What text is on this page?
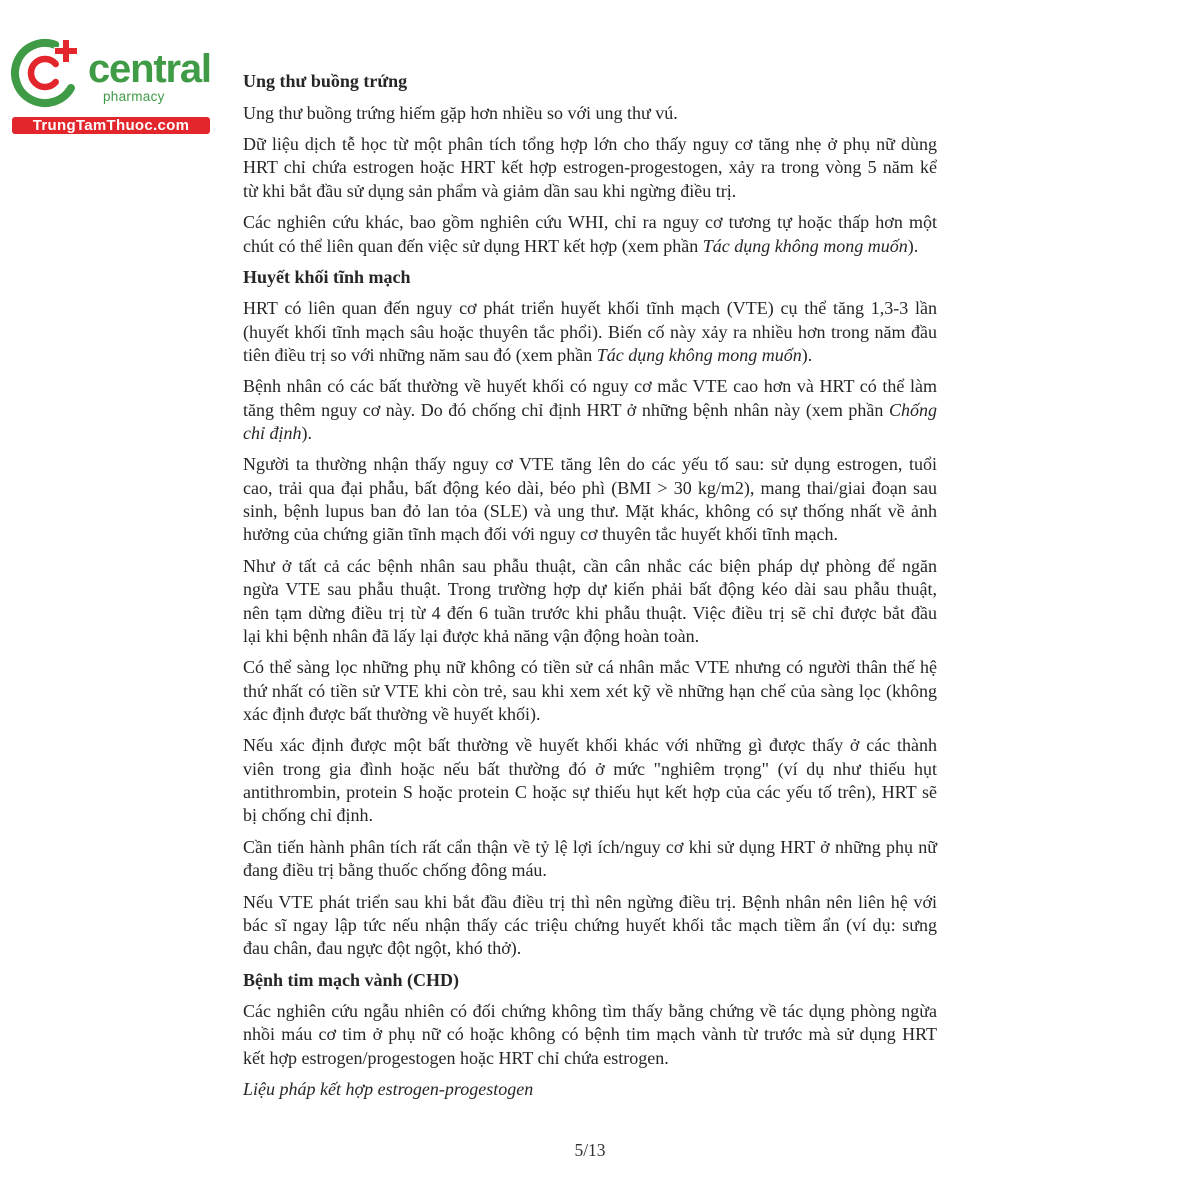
central
pharmacy
TrungTamThuoc.com
Ung thư buồng trứng
Ung thư buồng trứng hiếm gặp hơn nhiều so với ung thư vú.
Dữ liệu dịch tễ học từ một phân tích tổng hợp lớn cho thấy nguy cơ tăng nhẹ ở phụ nữ dùng
HRT chỉ chứa estrogen hoặc HRT kết hợp estrogen-progestogen, xảy ra trong vòng 5 năm kể
từ khi bắt đầu sử dụng sản phẩm và giảm dần sau khi ngừng điều trị.
Các nghiên cứu khác, bao gồm nghiên cứu WHI, chỉ ra nguy cơ tương tự hoặc thấp hơn một
chút có thể liên quan đến việc sử dụng HRT kết hợp (xem phần Tác dụng không mong muốn).
Huyết khối tĩnh mạch
HRT có liên quan đến nguy cơ phát triển huyết khối tĩnh mạch (VTE) cụ thể tăng 1,3-3 lần
(huyết khối tĩnh mạch sâu hoặc thuyên tắc phổi). Biến cố này xảy ra nhiều hơn trong năm đầu
tiên điều trị so với những năm sau đó (xem phần Tác dụng không mong muốn).
Bệnh nhân có các bất thường về huyết khối có nguy cơ mắc VTE cao hơn và HRT có thể làm
tăng thêm nguy cơ này. Do đó chống chỉ định HRT ở những bệnh nhân này (xem phần Chống
chỉ định).
Người ta thường nhận thấy nguy cơ VTE tăng lên do các yếu tố sau: sử dụng estrogen, tuổi
cao, trải qua đại phẫu, bất động kéo dài, béo phì (BMI > 30 kg/m2), mang thai/giai đoạn sau
sinh, bệnh lupus ban đỏ lan tỏa (SLE) và ung thư. Mặt khác, không có sự thống nhất về ảnh
hưởng của chứng giãn tĩnh mạch đối với nguy cơ thuyên tắc huyết khối tĩnh mạch.
Như ở tất cả các bệnh nhân sau phẫu thuật, cần cân nhắc các biện pháp dự phòng để ngăn
ngừa VTE sau phẫu thuật. Trong trường hợp dự kiến phải bất động kéo dài sau phẫu thuật,
nên tạm dừng điều trị từ 4 đến 6 tuần trước khi phẫu thuật. Việc điều trị sẽ chỉ được bắt đầu
lại khi bệnh nhân đã lấy lại được khả năng vận động hoàn toàn.
Có thể sàng lọc những phụ nữ không có tiền sử cá nhân mắc VTE nhưng có người thân thế hệ
thứ nhất có tiền sử VTE khi còn trẻ, sau khi xem xét kỹ về những hạn chế của sàng lọc (không
xác định được bất thường về huyết khối).
Nếu xác định được một bất thường về huyết khối khác với những gì được thấy ở các thành
viên trong gia đình hoặc nếu bất thường đó ở mức "nghiêm trọng" (ví dụ như thiếu hụt
antithrombin, protein S hoặc protein C hoặc sự thiếu hụt kết hợp của các yếu tố trên), HRT sẽ
bị chống chỉ định.
Cần tiến hành phân tích rất cẩn thận về tỷ lệ lợi ích/nguy cơ khi sử dụng HRT ở những phụ nữ
đang điều trị bằng thuốc chống đông máu.
Nếu VTE phát triển sau khi bắt đầu điều trị thì nên ngừng điều trị. Bệnh nhân nên liên hệ với
bác sĩ ngay lập tức nếu nhận thấy các triệu chứng huyết khối tắc mạch tiềm ẩn (ví dụ: sưng
đau chân, đau ngực đột ngột, khó thở).
Bệnh tim mạch vành (CHD)
Các nghiên cứu ngẫu nhiên có đối chứng không tìm thấy bằng chứng về tác dụng phòng ngừa
nhồi máu cơ tim ở phụ nữ có hoặc không có bệnh tim mạch vành từ trước mà sử dụng HRT
kết hợp estrogen/progestogen hoặc HRT chỉ chứa estrogen.
Liệu pháp kết hợp estrogen-progestogen
5/13
